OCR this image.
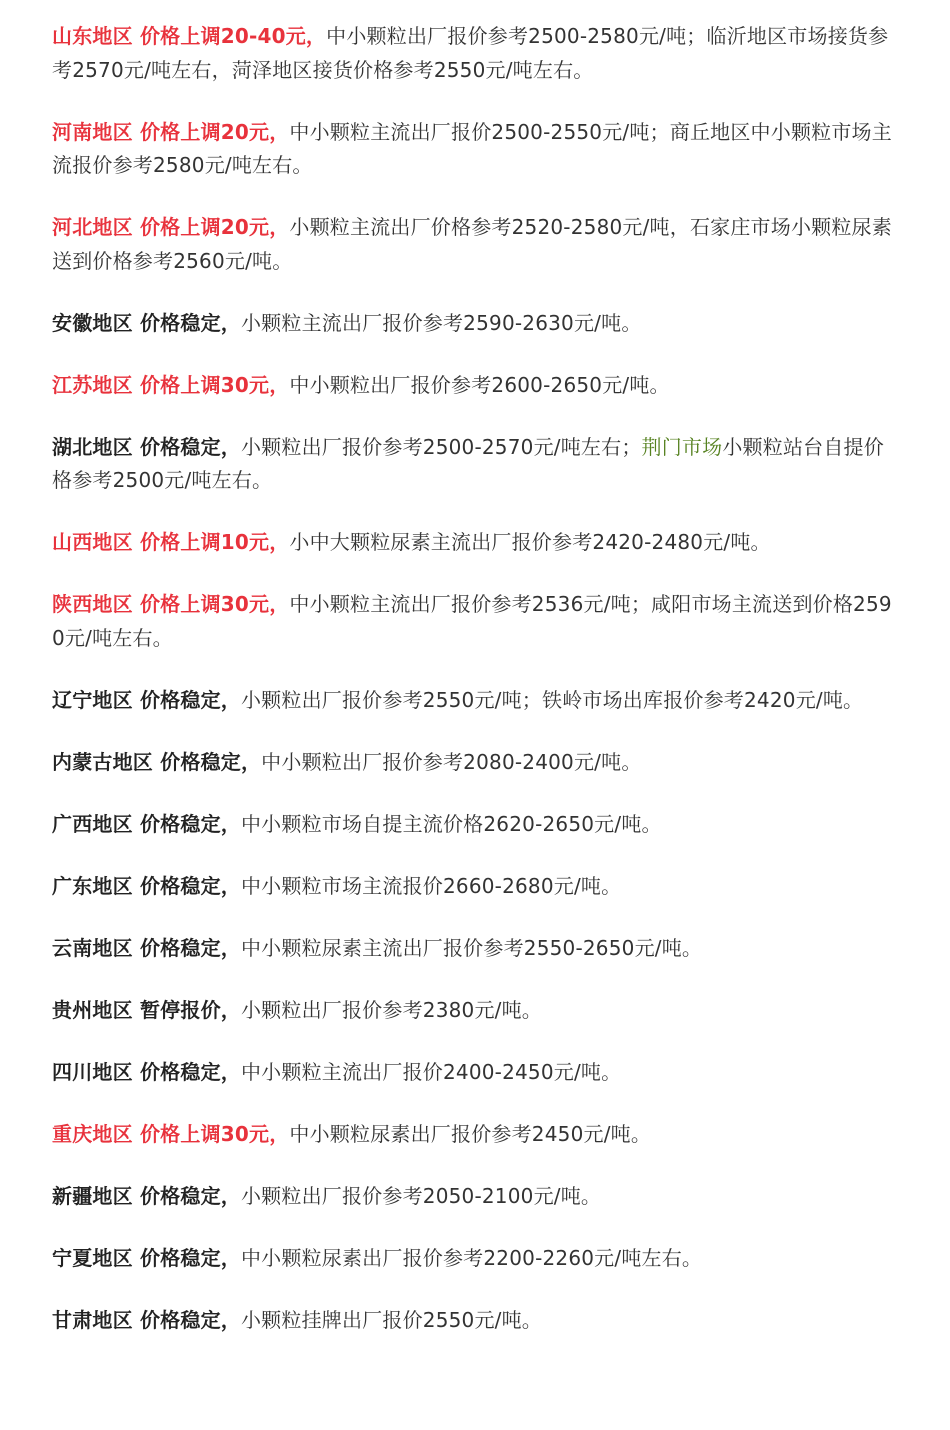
山东地区 价格上调20-40元，中小颗粒出厂报价参考2500-2580元/吨；临沂地区市场接货参考2570元/吨左右，菏泽地区接货价格参考2550元/吨左右。

河南地区 价格上调20元，中小颗粒主流出厂报价2500-2550元/吨；商丘地区中小颗粒市场主流报价参考2580元/吨左右。

河北地区 价格上调20元，小颗粒主流出厂价格参考2520-2580元/吨，石家庄市场小颗粒尿素送到价格参考2560元/吨。

安徽地区 价格稳定，小颗粒主流出厂报价参考2590-2630元/吨。

江苏地区 价格上调30元，中小颗粒出厂报价参考2600-2650元/吨。

湖北地区 价格稳定，小颗粒出厂报价参考2500-2570元/吨左右；荆门市场小颗粒站台自提价格参考2500元/吨左右。

山西地区 价格上调10元，小中大颗粒尿素主流出厂报价参考2420-2480元/吨。

陕西地区 价格上调30元，中小颗粒主流出厂报价参考2536元/吨；咸阳市场主流送到价格2590元/吨左右。

辽宁地区 价格稳定，小颗粒出厂报价参考2550元/吨；铁岭市场出库报价参考2420元/吨。

内蒙古地区 价格稳定，中小颗粒出厂报价参考2080-2400元/吨。

广西地区 价格稳定，中小颗粒市场自提主流价格2620-2650元/吨。

广东地区 价格稳定，中小颗粒市场主流报价2660-2680元/吨。

云南地区 价格稳定，中小颗粒尿素主流出厂报价参考2550-2650元/吨。

贵州地区 暂停报价，小颗粒出厂报价参考2380元/吨。

四川地区 价格稳定，中小颗粒主流出厂报价2400-2450元/吨。

重庆地区 价格上调30元，中小颗粒尿素出厂报价参考2450元/吨。

新疆地区 价格稳定，小颗粒出厂报价参考2050-2100元/吨。

宁夏地区 价格稳定，中小颗粒尿素出厂报价参考2200-2260元/吨左右。

甘肃地区 价格稳定，小颗粒挂牌出厂报价2550元/吨。
